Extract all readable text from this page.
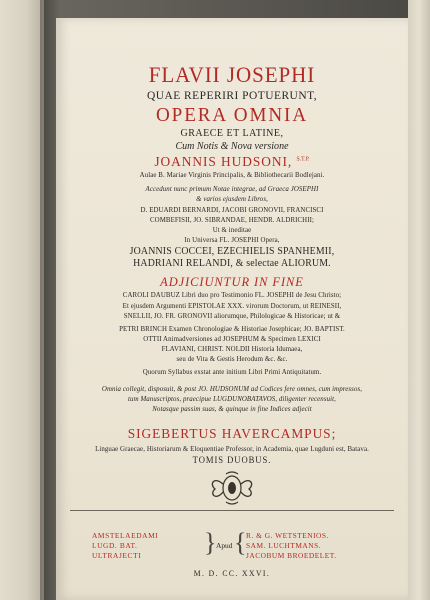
FLAVII JOSEPHI
QUAE REPERIRI POTUERUNT,
OPERA OMNIA
GRAECE ET LATINE,
Cum Notis & Nova versione
JOANNIS HUDSONI, $^{S.T.P.}$
Aulae B. Mariae Virginis Principalis, & Bibliothecarii Bodlejani.
Accedunt nunc primum Notae integrae, ad Graeca JOSEPHI
& varios ejusdem Libros,
D. EDUARDI BERNARDI, JACOBI GRONOVII, FRANCISCI
COMBEFISII, JO. SIBRANDAE, HENDR. ALDRICHII;
Ut & ineditae
In Universa FL. JOSEPHI Opera,
JOANNIS COCCEI, EZECHIELIS SPANHEMII,
HADRIANI RELANDI, & selectae ALIORUM.
ADJICIUNTUR IN FINE
CAROLI DAUBUZ Libri duo pro Testimonio FL. JOSEPHI de Jesu Christo;
Et ejusdem Argumenti EPISTOLAE XXX. virorum Doctorum, ut REINESII,
SNELLII, JO. FR. GRONOVII aliorumque, Philologicae & Historicae; ut &
PETRI BRINCH Examen Chronologiae & Historiae Josephicae; JO. BAPTIST.
OTTII Animadversiones ad JOSEPHUM & Specimen LEXICI
FLAVIANI, CHRIST. NOLDII Historia Idumaea,
seu de Vita & Gestis Herodum &c. &c.
Quorum Syllabus exstat ante initium Libri Primi Antiquitatum.
Omnia collegit, disposuit, & post JO. HUDSONUM ad Codices fere omnes, cum impressos,
tum Manuscriptos, praecipue LUGDUNOBATAVOS, diligenter recensuit,
Notasque passim suas, & quinque in fine Indices adjecit
SIGEBERTUS HAVERCAMPUS;
Linguae Graecae, Historiarum & Eloquentiae Professor, in Academia, quae Lugduni est, Batava.
TOMIS DUOBUS.
AMSTELAEDAMI
LUGD. BAT.
ULTRAJECTI	} Apud { R. & G. WETSTENIOS.
SAM. LUCHTMANS.
JACOBUM BROEDELET.
M. D. CC. XXVI.
